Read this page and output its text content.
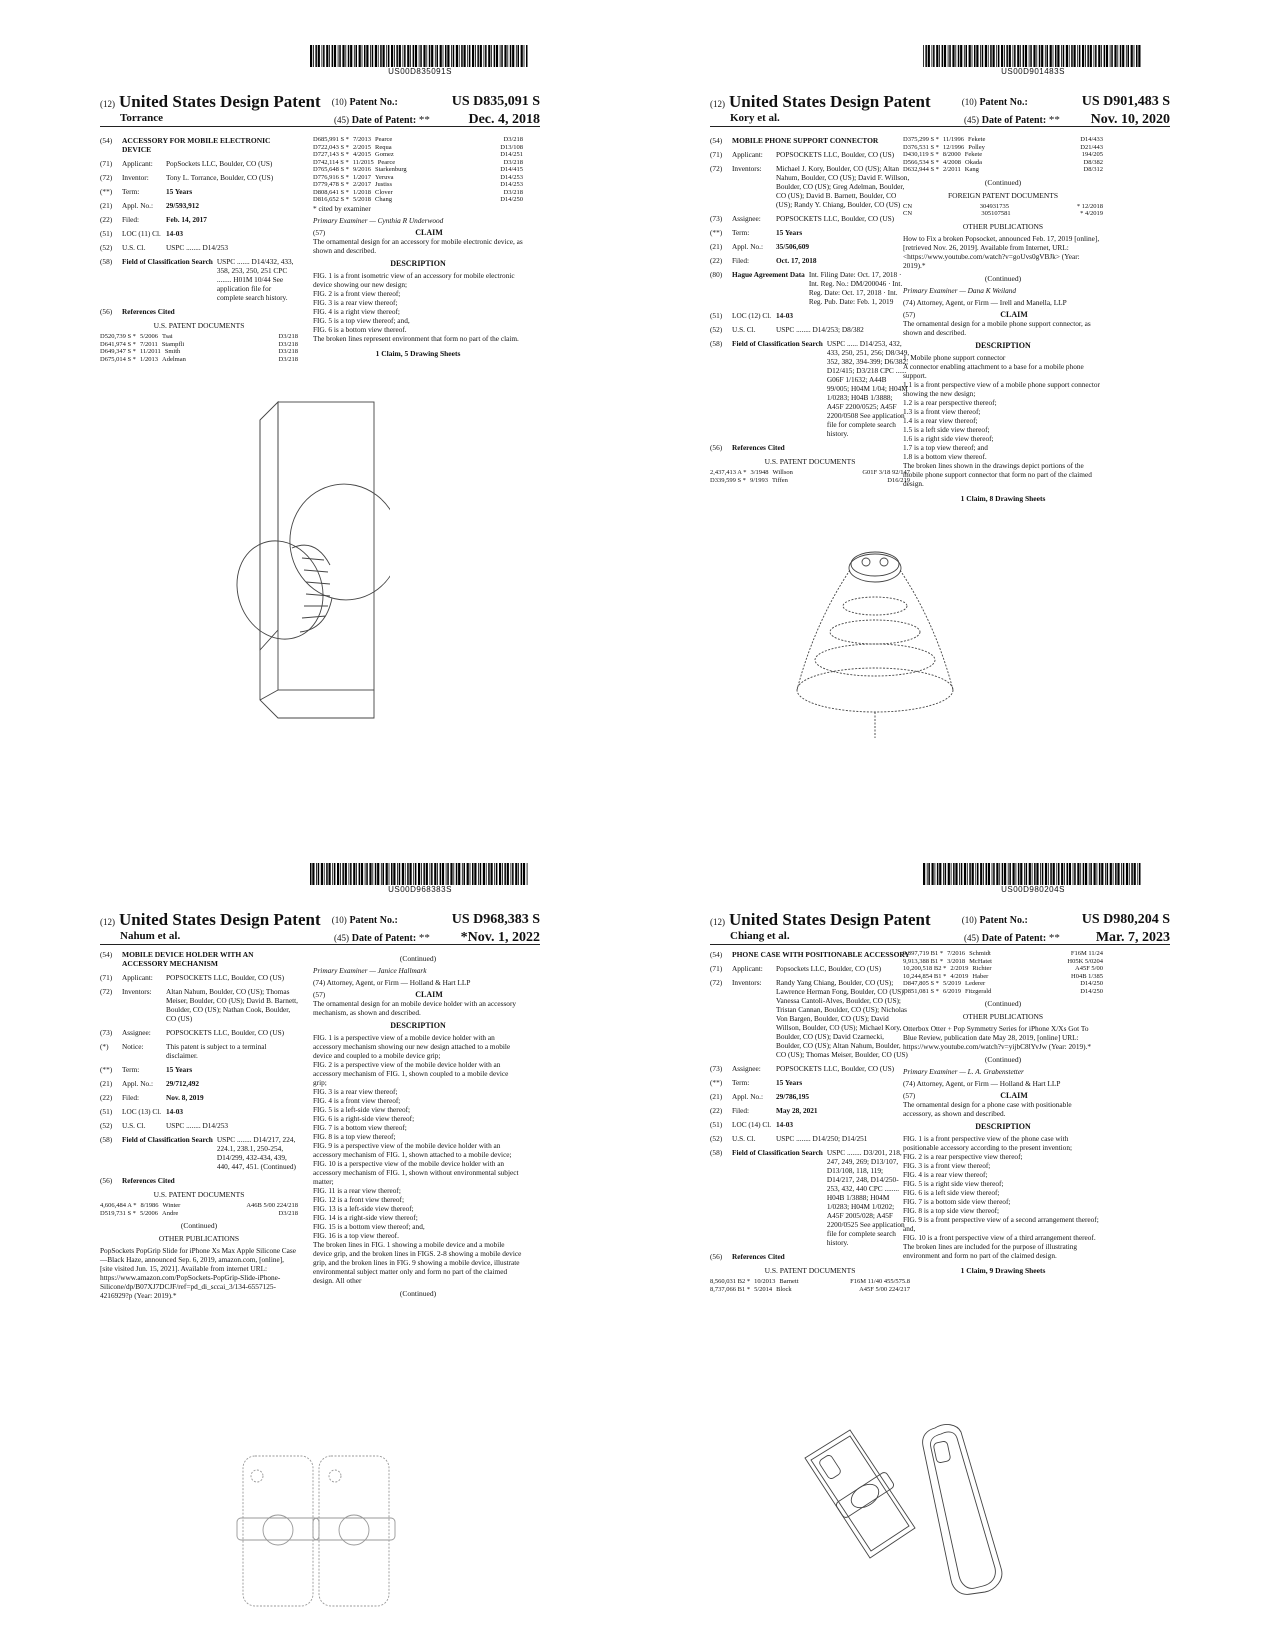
US00D835091S
(12) United States Design Patent
Torrance
(10) Patent No.:	US D835,091 S
(45) Date of Patent: **	Dec. 4, 2018
(54)	ACCESSORY FOR MOBILE ELECTRONIC DEVICE
(71)	Applicant:	PopSockets LLC, Boulder, CO (US)
(72)	Inventor:	Tony L. Torrance, Boulder, CO (US)
(**)	Term:	15 Years
(21)	Appl. No.:	29/593,912
(22)	Filed:	Feb. 14, 2017
(51)	LOC (11) Cl. 14-03
(52)	U.S. Cl.	USPC ........ D14/253
(58)	Field of Classification Search USPC ....... D14/432, 433, 358, 253, 250, 251 CPC ........ H01M 10/44 See application file for complete search history.
(56)	References Cited
U.S. PATENT DOCUMENTS
D520,739 S * 5/2006 Tsai	D3/218
D641,974 S * 7/2011 Stampfli	D3/218
D649,347 S * 11/2011 Smith	D3/218
D675,014 S * 1/2013 Adelman	D3/218
D685,991 S * 7/2013 Pearce	D3/218
D722,043 S * 2/2015 Requa	D13/108
D727,143 S * 4/2015 Gomez	D14/251
D742,114 S * 11/2015 Pearce	D3/218
D765,648 S * 9/2016 Starkenburg	D14/415
D776,916 S * 1/2017 Yeruva	D14/253
D779,478 S * 2/2017 Justiss	D14/253
D808,641 S * 1/2018 Clover	D3/218
D816,652 S * 5/2018 Chang	D14/250
* cited by examiner
Primary Examiner — Cynthia R Underwood
(57)	CLAIM
The ornamental design for an accessory for mobile electronic device, as shown and described.
DESCRIPTION
FIG. 1 is a front isometric view of an accessory for mobile electronic device showing our new design;
FIG. 2 is a front view thereof;
FIG. 3 is a rear view thereof;
FIG. 4 is a right view thereof;
FIG. 5 is a top view thereof; and,
FIG. 6 is a bottom view thereof.
The broken lines represent environment that form no part of the claim.
1 Claim, 5 Drawing Sheets
US00D901483S
(12) United States Design Patent
Kory et al.
(10) Patent No.:	US D901,483 S
(45) Date of Patent: ** Nov. 10, 2020
(54)	MOBILE PHONE SUPPORT CONNECTOR
(71)	Applicant:	POPSOCKETS LLC, Boulder, CO (US)
(72)	Inventors:	Michael J. Kory, Boulder, CO (US); Altan Nahum, Boulder, CO (US); David F. Willson, Boulder, CO (US); Greg Adelman, Boulder, CO (US); David B. Barnett, Boulder, CO (US); Randy Y. Chiang, Boulder, CO (US)
(73)	Assignee:	POPSOCKETS LLC, Boulder, CO (US)
(**)	Term:	15 Years
(21)	Appl. No.:	35/506,609
(22)	Filed:	Oct. 17, 2018
(80)	Hague Agreement Data Int. Filing Date: Oct. 17, 2018 · Int. Reg. No.: DM/200046 · Int. Reg. Date: Oct. 17, 2018 · Int. Reg. Pub. Date: Feb. 1, 2019
(51)	LOC (12) Cl. 14-03
(52)	U.S. Cl.	USPC ........ D14/253; D8/382
(58)	Field of Classification Search USPC ...... D14/253, 432, 433, 250, 251, 256; D8/349, 352, 382, 394-399; D6/382; D12/415; D3/218 CPC ...... G06F 1/1632; A44B 99/005; H04M 1/04; H04M 1/0283; H04B 1/3888; A45F 2200/0525; A45F 2200/0508 See application file for complete search history.
(56)	References Cited
U.S. PATENT DOCUMENTS
2,437,413 A * 3/1948 Willson	G01F 3/18 92/147
D339,599 S * 9/1993 Tiffen	D16/219
D375,299 S * 11/1996 Fekete	D14/433
D376,531 S * 12/1996 Polley	D21/443
D430,119 S * 8/2000 Fekete	194/205
D566,534 S * 4/2008 Okada	D8/382
D632,944 S * 2/2011 Kang	D8/312
(Continued)
FOREIGN PATENT DOCUMENTS
CN	304931735	* 12/2018
CN	305107581	* 4/2019
OTHER PUBLICATIONS
How to Fix a broken Popsocket, announced Feb. 17, 2019 [online], [retrieved Nov. 26, 2019]. Available from Internet, URL: <https://www.youtube.com/watch?v=goUvs0gVBJk> (Year: 2019).*
(Continued)
Primary Examiner — Dana K Weiland
(74) Attorney, Agent, or Firm — Irell and Manella, LLP
(57)	CLAIM
The ornamental design for a mobile phone support connector, as shown and described.
DESCRIPTION
1. Mobile phone support connector
A connector enabling attachment to a base for a mobile phone support.
1.1 is a front perspective view of a mobile phone support connector showing the new design;
1.2 is a rear perspective thereof;
1.3 is a front view thereof;
1.4 is a rear view thereof;
1.5 is a left side view thereof;
1.6 is a right side view thereof;
1.7 is a top view thereof; and
1.8 is a bottom view thereof.
The broken lines shown in the drawings depict portions of the mobile phone support connector that form no part of the claimed design.
1 Claim, 8 Drawing Sheets
US00D968383S
(12) United States Design Patent
Nahum et al.
(10) Patent No.:	US D968,383 S
(45) Date of Patent: ** *Nov. 1, 2022
(54)	MOBILE DEVICE HOLDER WITH AN ACCESSORY MECHANISM
(71)	Applicant:	POPSOCKETS LLC, Boulder, CO (US)
(72)	Inventors:	Altan Nahum, Boulder, CO (US); Thomas Meiser, Boulder, CO (US); David B. Barnett, Boulder, CO (US); Nathan Cook, Boulder, CO (US)
(73)	Assignee:	POPSOCKETS LLC, Boulder, CO (US)
(*)	Notice:	This patent is subject to a terminal disclaimer.
(**)	Term:	15 Years
(21)	Appl. No.:	29/712,492
(22)	Filed:	Nov. 8, 2019
(51)	LOC (13) Cl. 14-03
(52)	U.S. Cl.	USPC ........ D14/253
(58)	Field of Classification Search USPC ........ D14/217, 224, 224.1, 238.1, 250-254, D14/299, 432-434, 439, 440, 447, 451. (Continued)
(56)	References Cited
U.S. PATENT DOCUMENTS
4,606,484 A * 8/1986 Winter	A46B 5/00 224/218
D519,731 S * 5/2006 Andre	D3/218
(Continued)
OTHER PUBLICATIONS
PopSockets PopGrip Slide for iPhone Xs Max Apple Silicone Case—Black Haze, announced Sep. 6, 2019, amazon.com, [online], [site visited Jun. 15, 2021]. Available from internet URL: https://www.amazon.com/PopSockets-PopGrip-Slide-iPhone-Silicone/dp/B07XJ7DCJF/ref=pd_di_sccai_3/134-6557125-4216929?p (Year: 2019).*
(Continued)
Primary Examiner — Janice Hallmark
(74) Attorney, Agent, or Firm — Holland & Hart LLP
(57)	CLAIM
The ornamental design for an mobile device holder with an accessory mechanism, as shown and described.
DESCRIPTION
FIG. 1 is a perspective view of a mobile device holder with an accessory mechanism showing our new design attached to a mobile device and coupled to a mobile device grip;
FIG. 2 is a perspective view of the mobile device holder with an accessory mechanism of FIG. 1, shown coupled to a mobile device grip;
FIG. 3 is a rear view thereof;
FIG. 4 is a front view thereof;
FIG. 5 is a left-side view thereof;
FIG. 6 is a right-side view thereof;
FIG. 7 is a bottom view thereof;
FIG. 8 is a top view thereof;
FIG. 9 is a perspective view of the mobile device holder with an accessory mechanism of FIG. 1, shown attached to a mobile device;
FIG. 10 is a perspective view of the mobile device holder with an accessory mechanism of FIG. 1, shown without environmental subject matter;
FIG. 11 is a rear view thereof;
FIG. 12 is a front view thereof;
FIG. 13 is a left-side view thereof;
FIG. 14 is a right-side view thereof;
FIG. 15 is a bottom view thereof; and,
FIG. 16 is a top view thereof.
The broken lines in FIG. 1 showing a mobile device and a mobile device grip, and the broken lines in FIGS. 2-8 showing a mobile device grip, and the broken lines in FIG. 9 showing a mobile device, illustrate environmental subject matter only and form no part of the claimed design. All other
(Continued)
US00D980204S
(12) United States Design Patent
Chiang et al.
(10) Patent No.:	US D980,204 S
(45) Date of Patent: **	Mar. 7, 2023
(54)	PHONE CASE WITH POSITIONABLE ACCESSORY
(71)	Applicant:	Popsockets LLC, Boulder, CO (US)
(72)	Inventors:	Randy Yang Chiang, Boulder, CO (US); Lawrence Herman Fong, Boulder, CO (US); Vanessa Cantoli-Alves, Boulder, CO (US); Tristan Cannan, Boulder, CO (US); Nicholas Von Bargen, Boulder, CO (US); David Willson, Boulder, CO (US); Michael Kory, Boulder, CO (US); David Czarnecki, Boulder, CO (US); Altan Nahum, Boulder, CO (US); Thomas Meiser, Boulder, CO (US)
(73)	Assignee:	POPSOCKETS LLC, Boulder, CO (US)
(**)	Term:	15 Years
(21)	Appl. No.:	29/786,195
(22)	Filed:	May 28, 2021
(51)	LOC (14) Cl. 14-03
(52)	U.S. Cl.	USPC ........ D14/250; D14/251
(58)	Field of Classification Search USPC ........ D3/201, 218, 247, 249, 269; D13/107, D13/108, 118, 119; D14/217, 248, D14/250-253, 432, 440 CPC ........ H04B 1/3888; H04M 1/0283; H04M 1/0202; A45F 2005/028; A45F 2200/0525 See application file for complete search history.
(56)	References Cited
U.S. PATENT DOCUMENTS
8,560,031 B2 * 10/2013 Barnett	F16M 11/40 455/575.8
8,737,066 B1 * 5/2014 Block	A45F 5/00 224/217
9,397,719 B1 * 7/2016 Schmidt	F16M 11/24
9,913,388 B1 * 3/2018 McHatet	H05K 5/0204
10,200,518 B2 * 2/2019 Richter	A45F 5/00
10,244,854 B1 * 4/2019 Haber	H04B 1/385
D847,805 S * 5/2019 Lederer	D14/250
D851,081 S * 6/2019 Fitzgerald	D14/250
(Continued)
OTHER PUBLICATIONS
Otterbox Otter + Pop Symmetry Series for iPhone X/Xs Got To Blue Review, publication date May 28, 2019, [online] URL: https://www.youtube.com/watch?v=yijbC8lYvJw (Year: 2019).*
(Continued)
Primary Examiner — L. A. Grabenstetter
(74) Attorney, Agent, or Firm — Holland & Hart LLP
(57)	CLAIM
The ornamental design for a phone case with positionable accessory, as shown and described.
DESCRIPTION
FIG. 1 is a front perspective view of the phone case with positionable accessory according to the present invention;
FIG. 2 is a rear perspective view thereof;
FIG. 3 is a front view thereof;
FIG. 4 is a rear view thereof;
FIG. 5 is a right side view thereof;
FIG. 6 is a left side view thereof;
FIG. 7 is a bottom side view thereof;
FIG. 8 is a top side view thereof;
FIG. 9 is a front perspective view of a second arrangement thereof; and,
FIG. 10 is a front perspective view of a third arrangement thereof.
The broken lines are included for the purpose of illustrating environment and form no part of the claimed design.
1 Claim, 9 Drawing Sheets
